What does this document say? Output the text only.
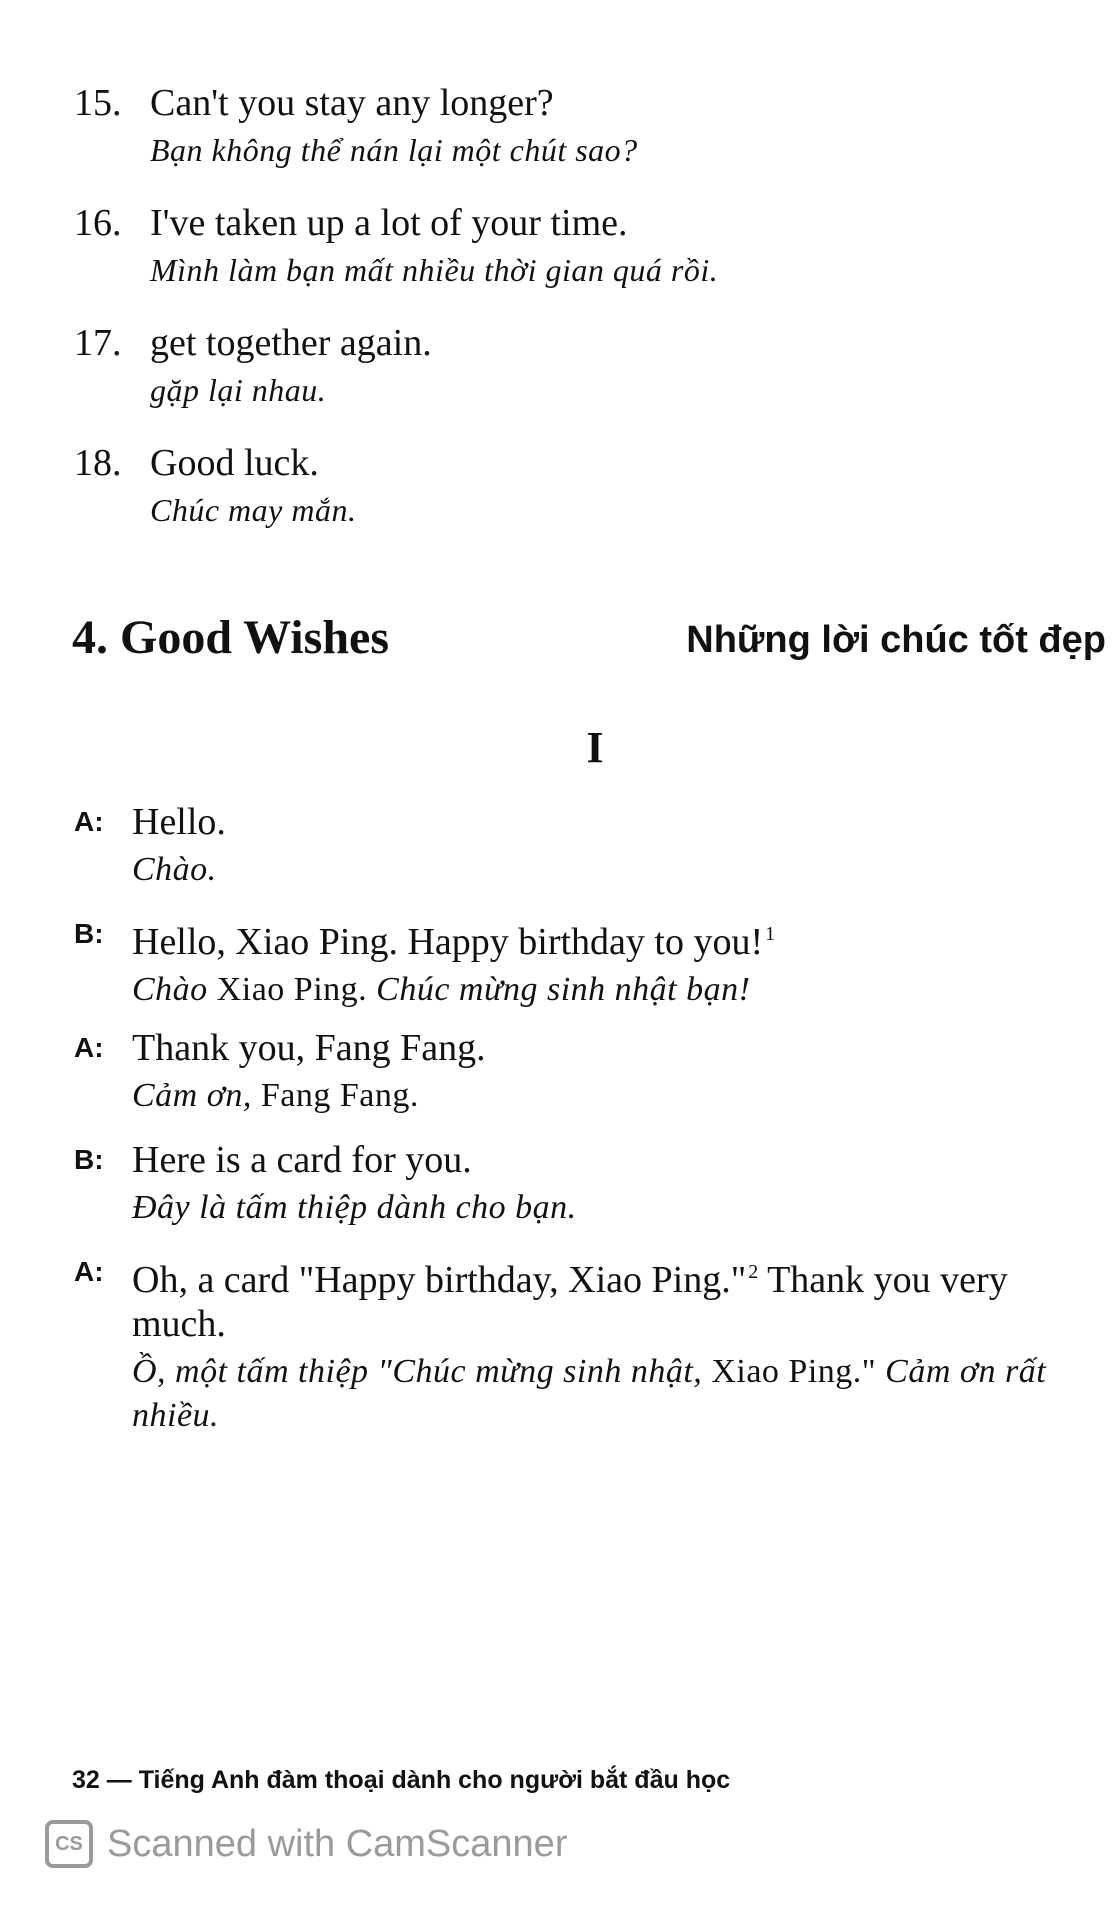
15. Can't you stay any longer?
Bạn không thể nán lại một chút sao?
16. I've taken up a lot of your time.
Mình làm bạn mất nhiều thời gian quá rồi.
17. get together again.
gặp lại nhau.
18. Good luck.
Chúc may mắn.
4. Good Wishes	Những lời chúc tốt đẹp
I
A: Hello.
Chào.
B: Hello, Xiao Ping. Happy birthday to you! $^1$
Chào Xiao Ping. Chúc mừng sinh nhật bạn!
A: Thank you, Fang Fang.
Cảm ơn, Fang Fang.
B: Here is a card for you.
Đây là tấm thiệp dành cho bạn.
A: Oh, a card "Happy birthday, Xiao Ping." $^2$ Thank you very much.
Ồ, một tấm thiệp "Chúc mừng sinh nhật, Xiao Ping." Cảm ơn rất nhiều.
32 — Tiếng Anh đàm thoại dành cho người bắt đầu học
CS Scanned with CamScanner
